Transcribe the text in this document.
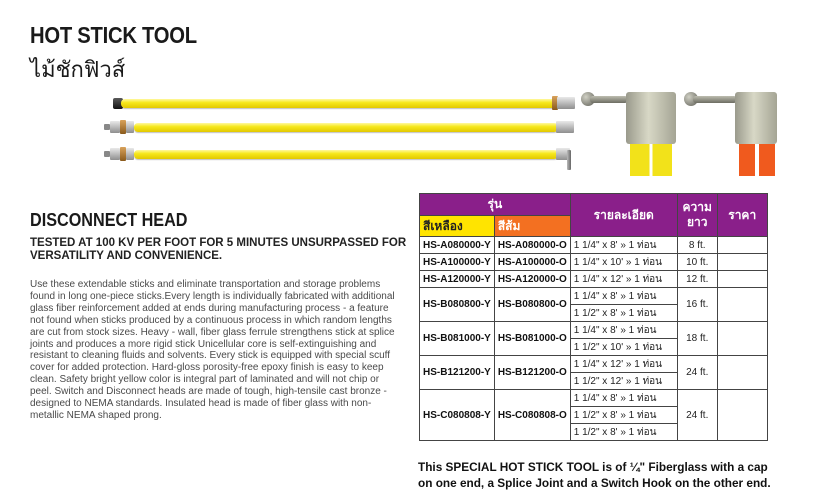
HOT STICK TOOL
ไม้ชักฟิวส์
DISCONNECT HEAD
TESTED AT 100 KV PER FOOT FOR 5 MINUTES UNSURPASSED FOR VERSATILITY AND CONVENIENCE.
Use these extendable sticks and eliminate transportation and storage problems found in long one-piece sticks.Every length is individually fabricated with additional glass fiber reinforcement added at ends during manufacturing process - a feature not found when sticks produced by a continuous process in which random lengths are cut from stock sizes. Heavy - wall, fiber glass ferrule strengthens stick at splice joints and produces a more rigid stick Unicellular core is self-extinguishing and resistant to cleaning fluids and solvents. Every stick is equipped with special scuff cover for added protection. Hard-gloss porosity-free epoxy finish is easy to keep clean. Safety bright yellow color is integral part of laminated and will not chip or peel. Switch and Disconnect heads are made of tough, high-tensile cast bronze - designed to NEMA standards. Insulated head is made of fiber glass with non-metallic NEMA shaped prong.
รุ่น		รายละเอียด	ความ ยาว	ราคา
สีเหลือง	สีส้ม			
HS-A080000-Y	HS-A080000-O	1 1/4" x 8' » 1 ท่อน	8 ft.	
HS-A100000-Y	HS-A100000-O	1 1/4" x 10' » 1 ท่อน	10 ft.	
HS-A120000-Y	HS-A120000-O	1 1/4" x 12' » 1 ท่อน	12 ft.	
HS-B080800-Y	HS-B080800-O	1 1/4" x 8' » 1 ท่อน	16 ft.	
		1 1/2" x 8' » 1 ท่อน		
HS-B081000-Y	HS-B081000-O	1 1/4" x 8' » 1 ท่อน	18 ft.	
		1 1/2" x 10' » 1 ท่อน		
HS-B121200-Y	HS-B121200-O	1 1/4" x 12' » 1 ท่อน	24 ft.	
		1 1/2" x 12' » 1 ท่อน		
HS-C080808-Y	HS-C080808-O	1 1/4" x 8' » 1 ท่อน	24 ft.	
		1 1/2" x 8' » 1 ท่อน		
		1 1/2" x 8' » 1 ท่อน		
This SPECIAL HOT STICK TOOL is of ¼" Fiberglass with a cap
on one end, a Splice Joint and a Switch Hook on the other end.
